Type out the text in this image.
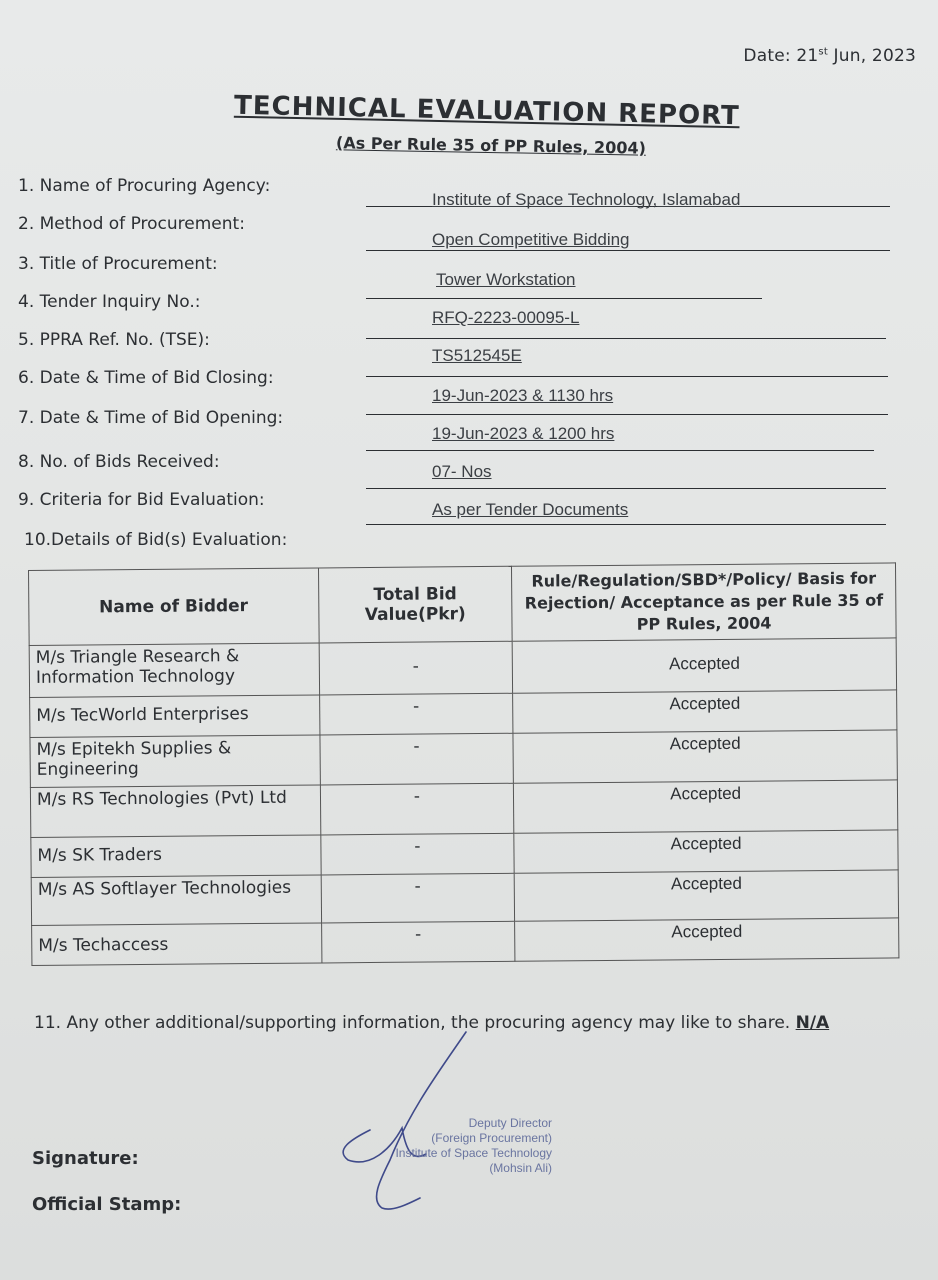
Date: 21st Jun, 2023
TECHNICAL EVALUATION REPORT
(As Per Rule 35 of PP Rules, 2004)
1. Name of Procuring Agency:
Institute of Space Technology, Islamabad
2. Method of Procurement:
Open Competitive Bidding
3. Title of Procurement:
Tower Workstation
4. Tender Inquiry No.:
RFQ-2223-00095-L
5. PPRA Ref. No. (TSE):
TS512545E
6. Date & Time of Bid Closing:
19-Jun-2023 & 1130 hrs
7. Date & Time of Bid Opening:
19-Jun-2023 & 1200 hrs
8. No. of Bids Received:	07- Nos
9. Criteria for Bid Evaluation:	As per Tender Documents
10.Details of Bid(s) Evaluation:
Name of Bidder	Total Bid Value(Pkr)	Rule/Regulation/SBD*/Policy/ Basis for Rejection/ Acceptance as per Rule 35 of PP Rules, 2004
M/s Triangle Research & Information Technology	-	Accepted
M/s TecWorld Enterprises	-	Accepted
M/s Epitekh Supplies & Engineering	-	Accepted
M/s RS Technologies (Pvt) Ltd	-	Accepted
M/s SK Traders	-	Accepted
M/s AS Softlayer Technologies	-	Accepted
M/s Techaccess	-	Accepted
11. Any other additional/supporting information, the procuring agency may like to share. N/A
Deputy Director
(Foreign Procurement)
Institute of Space Technology
(Mohsin Ali)
Signature:
Official Stamp:
